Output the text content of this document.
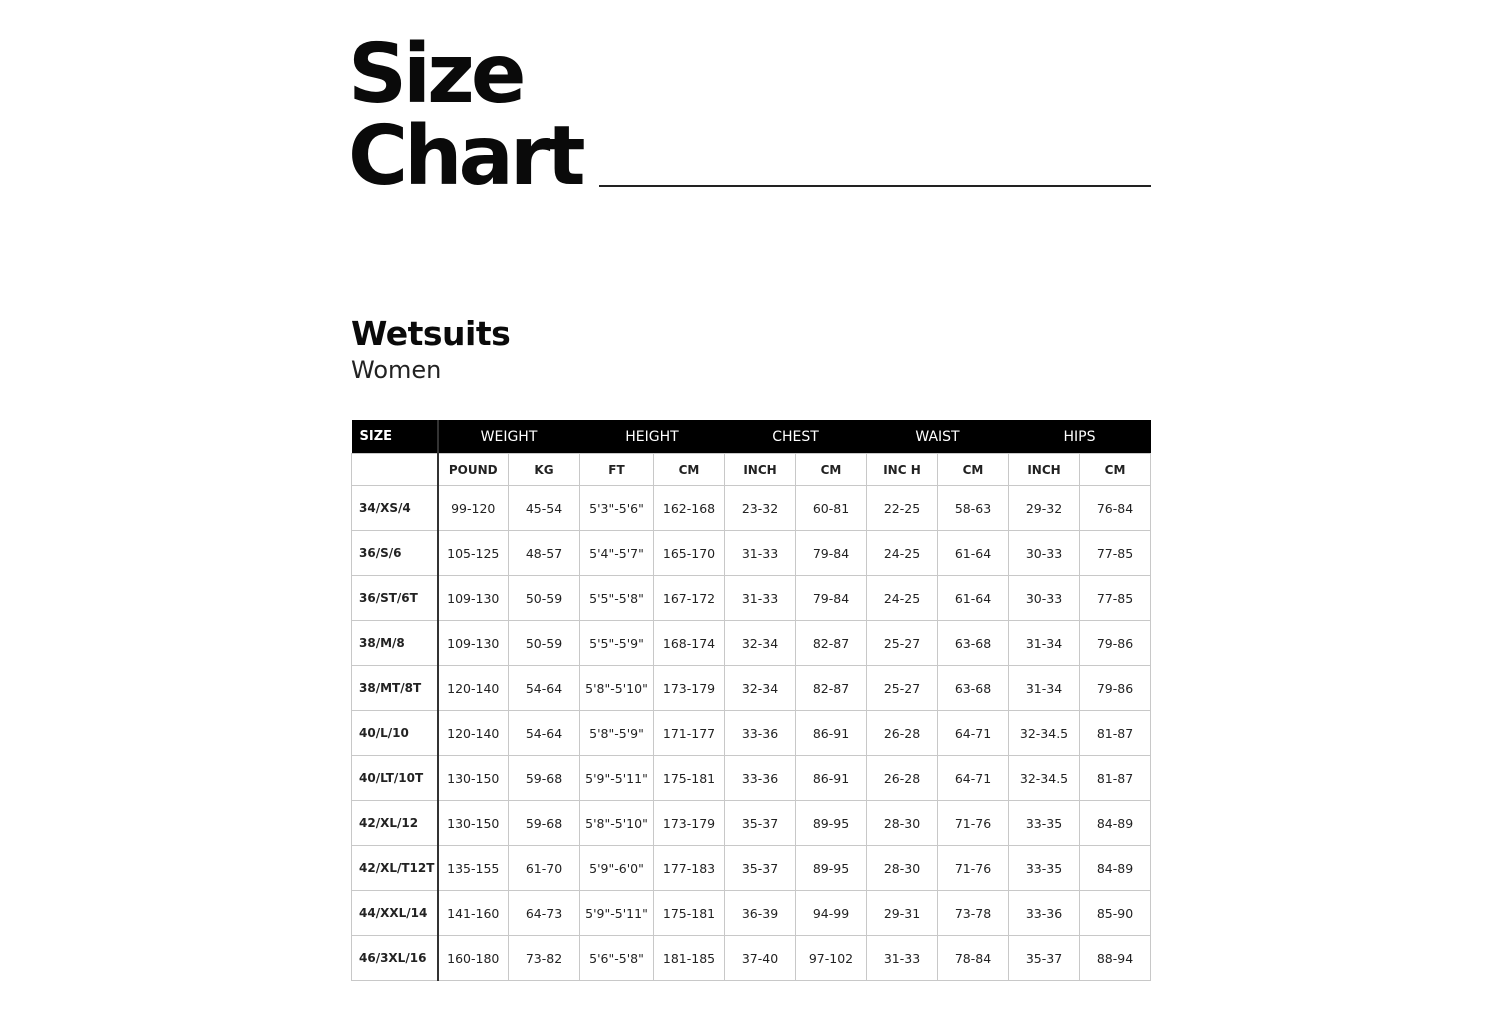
Size
Chart
Wetsuits
Women
SIZE	WEIGHT		HEIGHT		CHEST		WAIST		HIPS	
	POUND	KG	FT	CM	INCH	CM	INC H	CM	INCH	CM
34/XS/4	99-120	45-54	5'3"-5'6"	162-168	23-32	60-81	22-25	58-63	29-32	76-84
36/S/6	105-125	48-57	5'4"-5'7"	165-170	31-33	79-84	24-25	61-64	30-33	77-85
36/ST/6T	109-130	50-59	5'5"-5'8"	167-172	31-33	79-84	24-25	61-64	30-33	77-85
38/M/8	109-130	50-59	5'5"-5'9"	168-174	32-34	82-87	25-27	63-68	31-34	79-86
38/MT/8T	120-140	54-64	5'8"-5'10"	173-179	32-34	82-87	25-27	63-68	31-34	79-86
40/L/10	120-140	54-64	5'8"-5'9"	171-177	33-36	86-91	26-28	64-71	32-34.5	81-87
40/LT/10T	130-150	59-68	5'9"-5'11"	175-181	33-36	86-91	26-28	64-71	32-34.5	81-87
42/XL/12	130-150	59-68	5'8"-5'10"	173-179	35-37	89-95	28-30	71-76	33-35	84-89
42/XL/T12T	135-155	61-70	5'9"-6'0"	177-183	35-37	89-95	28-30	71-76	33-35	84-89
44/XXL/14	141-160	64-73	5'9"-5'11"	175-181	36-39	94-99	29-31	73-78	33-36	85-90
46/3XL/16	160-180	73-82	5'6"-5'8"	181-185	37-40	97-102	31-33	78-84	35-37	88-94
